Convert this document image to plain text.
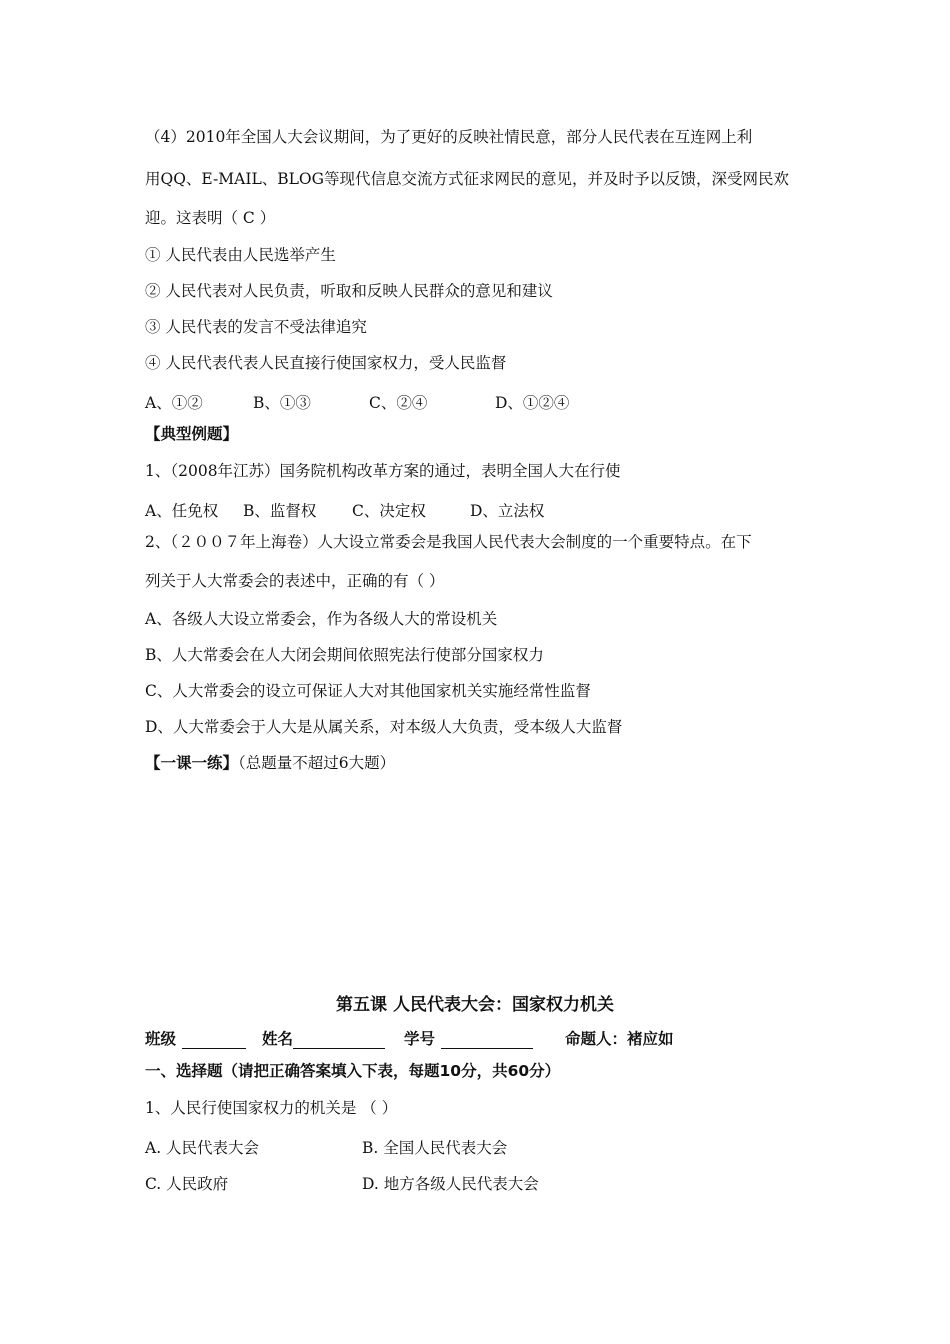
（4）2010年全国人大会议期间，为了更好的反映社情民意，部分人民代表在互连网上利
用QQ、E-MAIL、BLOG等现代信息交流方式征求网民的意见，并及时予以反馈，深受网民欢
迎。这表明（ C ）
① 人民代表由人民选举产生
② 人民代表对人民负责，听取和反映人民群众的意见和建议
③ 人民代表的发言不受法律追究
④ 人民代表代表人民直接行使国家权力，受人民监督
A、①②	B、①③	C、②④	D、①②④
【典型例题】
1、（2008年江苏）国务院机构改革方案的通过，表明全国人大在行使
A、任免权 B、监督权 C、决定权	D、立法权
2、（２００７年上海卷）人大设立常委会是我国人民代表大会制度的一个重要特点。在下
列关于人大常委会的表述中，正确的有（ ）
A、各级人大设立常委会，作为各级人大的常设机关
B、人大常委会在人大闭会期间依照宪法行使部分国家权力
C、人大常委会的设立可保证人大对其他国家机关实施经常性监督
D、人大常委会于人大是从属关系，对本级人大负责，受本级人大监督
【一课一练】（总题量不超过6大题）
第五课 人民代表大会：国家权力机关
班级	姓名	学号	命题人：褚应如
一、选择题（请把正确答案填入下表，每题10分，共60分）
1、人民行使国家权力的机关是 （ ）
A. 人民代表大会	B. 全国人民代表大会
C. 人民政府	D. 地方各级人民代表大会
